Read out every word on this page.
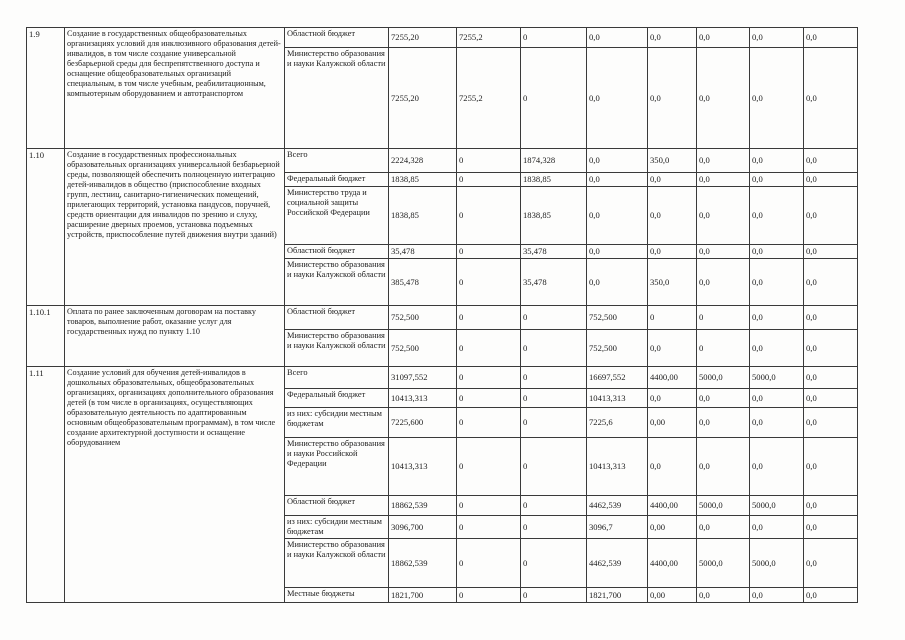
1.9	Создание в государственных общеобразовательных организациях условий для инклюзивного образования детей-инвалидов, в том числе создание универсальной безбарьерной среды для беспрепятственного доступа и оснащение общеобразовательных организаций специальным, в том числе учебным, реабилитационным, компьютерным оборудованием и автотранспортом	Областной бюджет	7255,20	7255,2	0	0,0	0,0	0,0	0,0	0,0
		Министерство образования и науки Калужской области	7255,20	7255,2	0	0,0	0,0	0,0	0,0	0,0
1.10	Создание в государственных профессиональных образовательных организациях универсальной безбарьерной среды, позволяющей обеспечить полноценную интеграцию детей-инвалидов в общество (приспособление входных групп, лестниц, санитарно-гигиенических помещений, прилегающих территорий, установка пандусов, поручней, средств ориентации для инвалидов по зрению и слуху, расширение дверных проемов, установка подъемных устройств, приспособление путей движения внутри зданий)	Всего	2224,328	0	1874,328	0,0	350,0	0,0	0,0	0,0
		Федеральный бюджет	1838,85	0	1838,85	0,0	0,0	0,0	0,0	0,0
		Министерство труда и социальной защиты Российской Федерации	1838,85	0	1838,85	0,0	0,0	0,0	0,0	0,0
		Областной бюджет	35,478	0	35,478	0,0	0,0	0,0	0,0	0,0
		Министерство образования и науки Калужской области	385,478	0	35,478	0,0	350,0	0,0	0,0	0,0
1.10.1	Оплата по ранее заключенным договорам на поставку товаров, выполнение работ, оказание услуг для государственных нужд по пункту 1.10	Областной бюджет	752,500	0	0	752,500	0	0	0,0	0,0
		Министерство образования и науки Калужской области	752,500	0	0	752,500	0,0	0	0,0	0,0
1.11	Создание условий для обучения детей-инвалидов в дошкольных образовательных, общеобразовательных организациях, организациях дополнительного образования детей (в том числе в организациях, осуществляющих образовательную деятельность по адаптированным основным общеобразовательным программам), в том числе создание архитектурной доступности и оснащение оборудованием	Всего	31097,552	0	0	16697,552	4400,00	5000,0	5000,0	0,0
		Федеральный бюджет	10413,313	0	0	10413,313	0,0	0,0	0,0	0,0
		из них: субсидии местным бюджетам	7225,600	0	0	7225,6	0,00	0,0	0,0	0,0
		Министерство образования и науки Российской Федерации	10413,313	0	0	10413,313	0,0	0,0	0,0	0,0
		Областной бюджет	18862,539	0	0	4462,539	4400,00	5000,0	5000,0	0,0
		из них: субсидии местным бюджетам	3096,700	0	0	3096,7	0,00	0,0	0,0	0,0
		Министерство образования и науки Калужской области	18862,539	0	0	4462,539	4400,00	5000,0	5000,0	0,0
		Местные бюджеты	1821,700	0	0	1821,700	0,00	0,0	0,0	0,0
